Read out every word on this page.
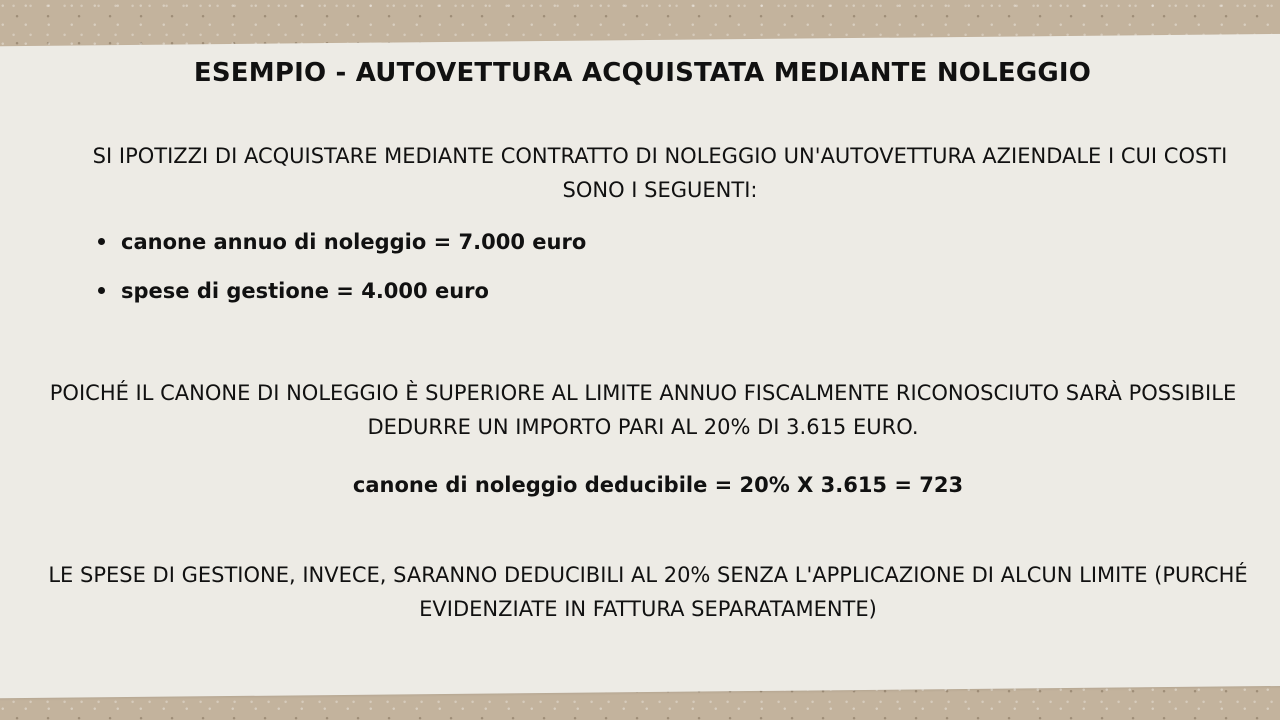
ESEMPIO - AUTOVETTURA ACQUISTATA MEDIANTE NOLEGGIO

SI IPOTIZZI DI ACQUISTARE MEDIANTE CONTRATTO DI NOLEGGIO UN'AUTOVETTURA AZIENDALE I CUI COSTI SONO I SEGUENTI:

canone annuo di noleggio = 7.000 euro
spese di gestione = 4.000 euro

POICHÉ IL CANONE DI NOLEGGIO È SUPERIORE AL LIMITE ANNUO FISCALMENTE RICONOSCIUTO SARÀ POSSIBILE DEDURRE UN IMPORTO PARI AL 20% DI 3.615 EURO.

canone di noleggio deducibile = 20% X 3.615 = 723

LE SPESE DI GESTIONE, INVECE, SARANNO DEDUCIBILI AL 20% SENZA L'APPLICAZIONE DI ALCUN LIMITE (PURCHÉ EVIDENZIATE IN FATTURA SEPARATAMENTE)
